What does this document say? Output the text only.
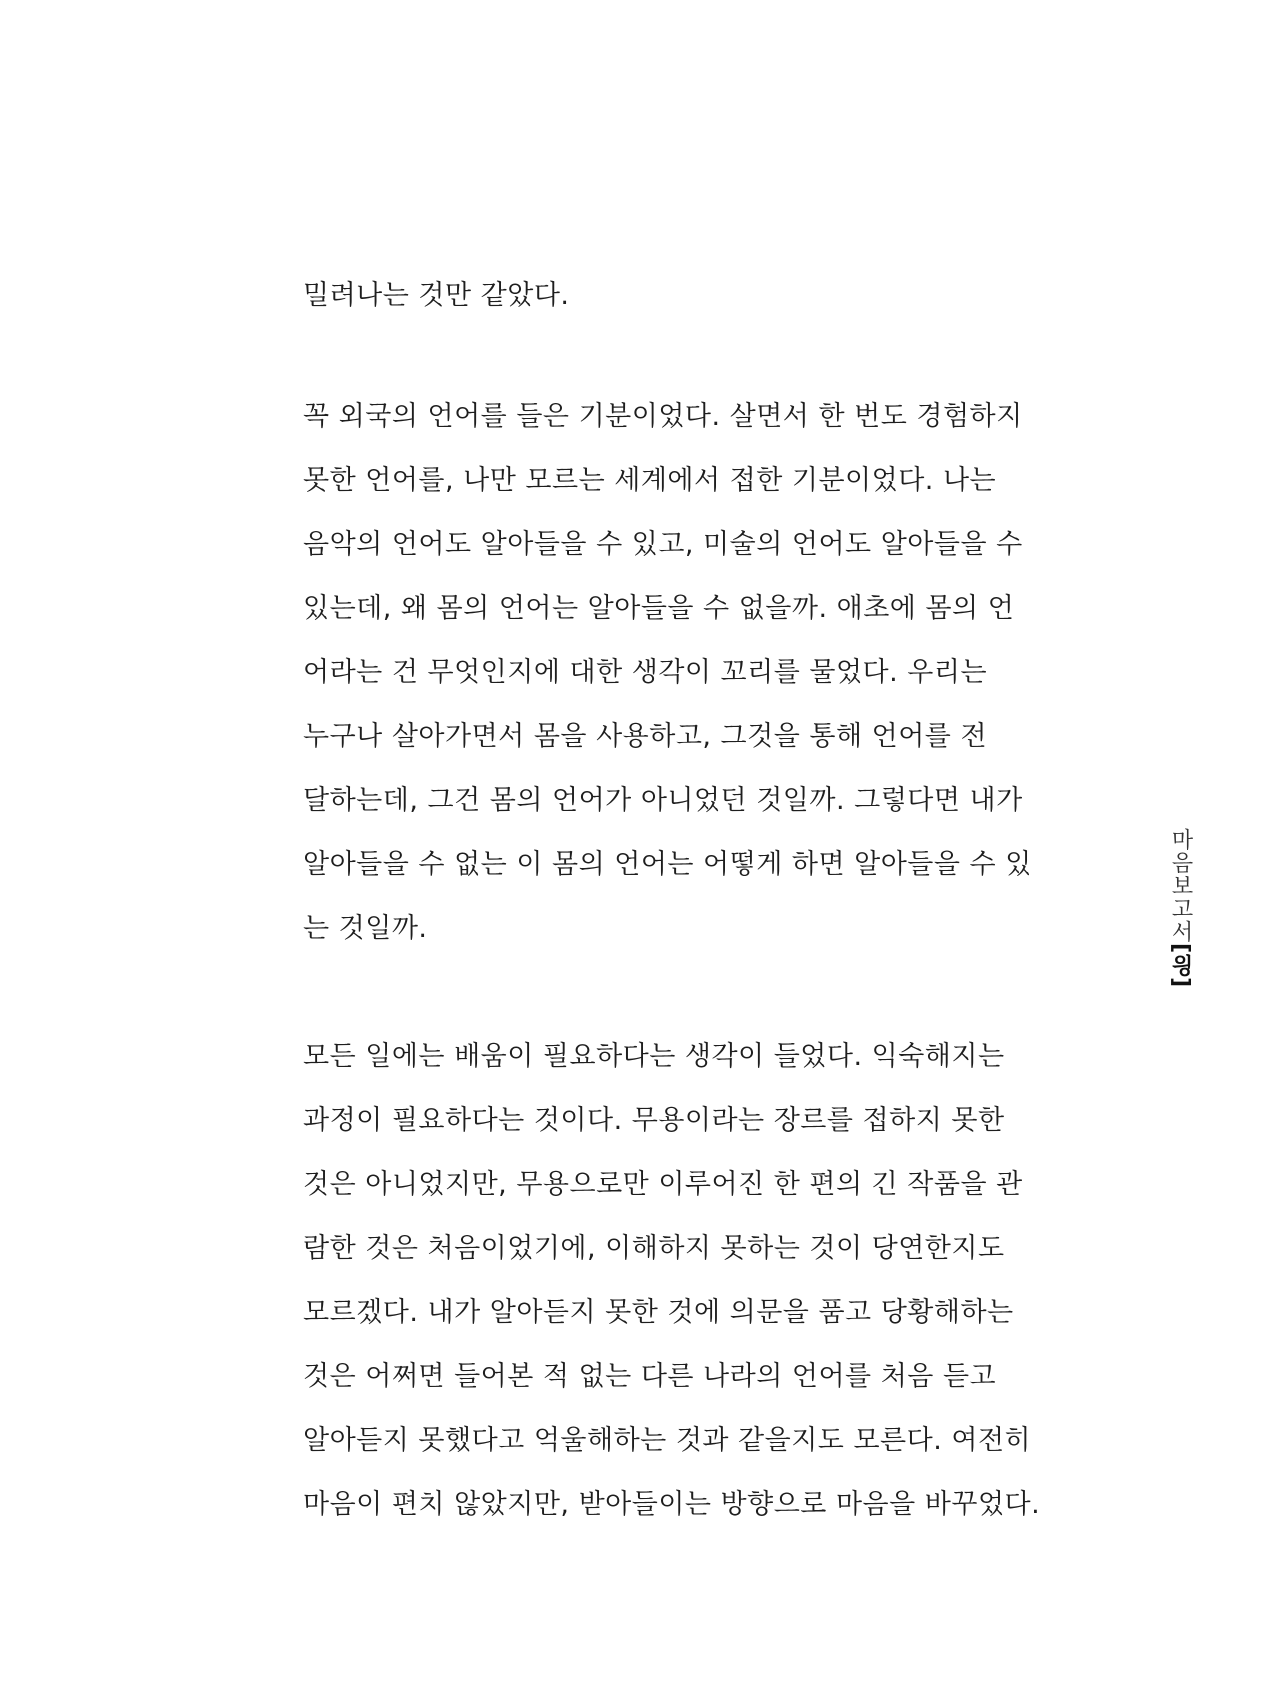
밀려나는 것만 같았다.
꼭 외국의 언어를 들은 기분이었다. 살면서 한 번도 경험하지
못한 언어를, 나만 모르는 세계에서 접한 기분이었다. 나는
음악의 언어도 알아들을 수 있고, 미술의 언어도 알아들을 수
있는데, 왜 몸의 언어는 알아들을 수 없을까. 애초에 몸의 언
어라는 건 무엇인지에 대한 생각이 꼬리를 물었다. 우리는
누구나 살아가면서 몸을 사용하고, 그것을 통해 언어를 전
달하는데, 그건 몸의 언어가 아니었던 것일까. 그렇다면 내가
알아들을 수 없는 이 몸의 언어는 어떻게 하면 알아들을 수 있
는 것일까.
모든 일에는 배움이 필요하다는 생각이 들었다. 익숙해지는
과정이 필요하다는 것이다. 무용이라는 장르를 접하지 못한
것은 아니었지만, 무용으로만 이루어진 한 편의 긴 작품을 관
람한 것은 처음이었기에, 이해하지 못하는 것이 당연한지도
모르겠다. 내가 알아듣지 못한 것에 의문을 품고 당황해하는
것은 어쩌면 들어본 적 없는 다른 나라의 언어를 처음 듣고
알아듣지 못했다고 억울해하는 것과 같을지도 모른다. 여전히
마음이 편치 않았지만, 받아들이는 방향으로 마음을 바꾸었다.
마음보고서[읭]
